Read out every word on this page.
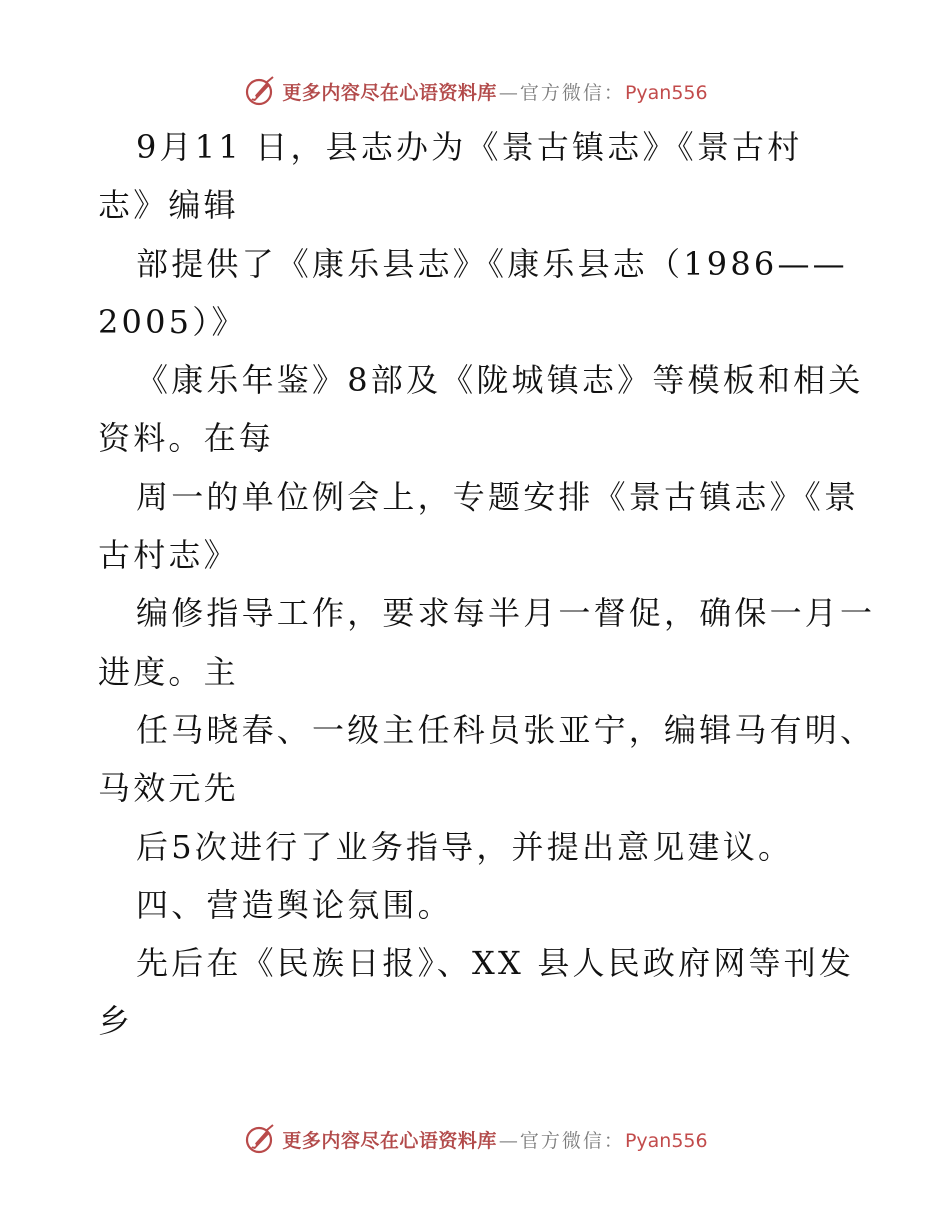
更多内容尽在心语资料库 — 官方微信： Pyan556
9月11 日，县志办为《景古镇志》《景古村
志》编辑
部提供了《康乐县志》《康乐县志（1986——
2005）》
《康乐年鉴》8部及《陇城镇志》等模板和相关
资料。在每
周一的单位例会上，专题安排《景古镇志》《景
古村志》
编修指导工作，要求每半月一督促，确保一月一
进度。主
任马晓春、一级主任科员张亚宁，编辑马有明、
马效元先
后5次进行了业务指导，并提出意见建议。
四、营造舆论氛围。
先后在《民族日报》、XX 县人民政府网等刊发
乡
更多内容尽在心语资料库 — 官方微信： Pyan556
